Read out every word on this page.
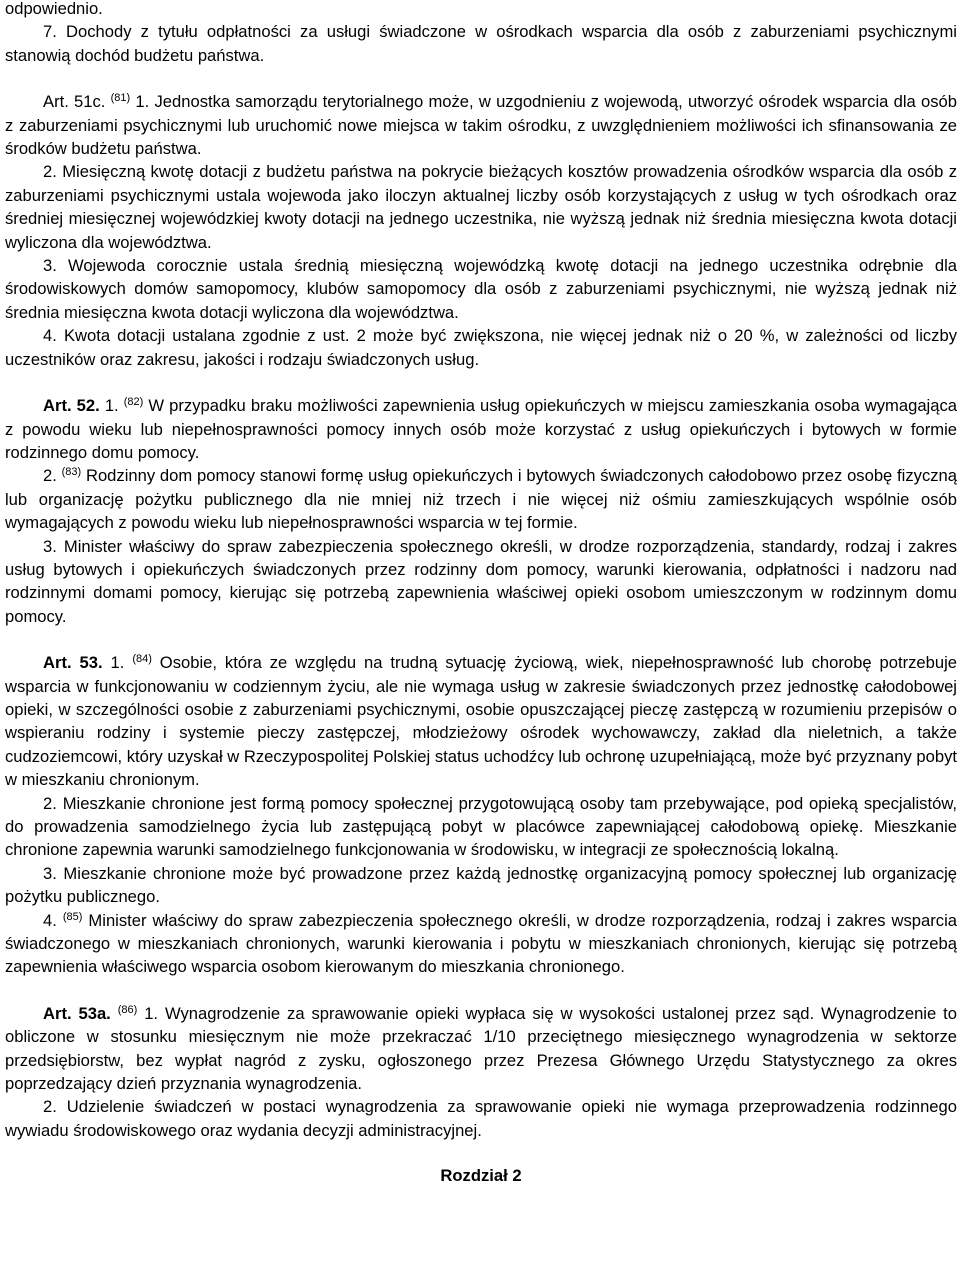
odpowiednio.

7. Dochody z tytułu odpłatności za usługi świadczone w ośrodkach wsparcia dla osób z zaburzeniami psychicznymi stanowią dochód budżetu państwa.

Art. 51c. $^{(81)}$ 1. Jednostka samorządu terytorialnego może, w uzgodnieniu z wojewodą, utworzyć ośrodek wsparcia dla osób z zaburzeniami psychicznymi lub uruchomić nowe miejsca w takim ośrodku, z uwzględnieniem możliwości ich sfinansowania ze środków budżetu państwa.

2. Miesięczną kwotę dotacji z budżetu państwa na pokrycie bieżących kosztów prowadzenia ośrodków wsparcia dla osób z zaburzeniami psychicznymi ustala wojewoda jako iloczyn aktualnej liczby osób korzystających z usług w tych ośrodkach oraz średniej miesięcznej wojewódzkiej kwoty dotacji na jednego uczestnika, nie wyższą jednak niż średnia miesięczna kwota dotacji wyliczona dla województwa.

3. Wojewoda corocznie ustala średnią miesięczną wojewódzką kwotę dotacji na jednego uczestnika odrębnie dla środowiskowych domów samopomocy, klubów samopomocy dla osób z zaburzeniami psychicznymi, nie wyższą jednak niż średnia miesięczna kwota dotacji wyliczona dla województwa.

4. Kwota dotacji ustalana zgodnie z ust. 2 może być zwiększona, nie więcej jednak niż o 20 %, w zależności od liczby uczestników oraz zakresu, jakości i rodzaju świadczonych usług.

Art. 52. 1. $^{(82)}$ W przypadku braku możliwości zapewnienia usług opiekuńczych w miejscu zamieszkania osoba wymagająca z powodu wieku lub niepełnosprawności pomocy innych osób może korzystać z usług opiekuńczych i bytowych w formie rodzinnego domu pomocy.

2. $^{(83)}$ Rodzinny dom pomocy stanowi formę usług opiekuńczych i bytowych świadczonych całodobowo przez osobę fizyczną lub organizację pożytku publicznego dla nie mniej niż trzech i nie więcej niż ośmiu zamieszkujących wspólnie osób wymagających z powodu wieku lub niepełnosprawności wsparcia w tej formie.

3. Minister właściwy do spraw zabezpieczenia społecznego określi, w drodze rozporządzenia, standardy, rodzaj i zakres usług bytowych i opiekuńczych świadczonych przez rodzinny dom pomocy, warunki kierowania, odpłatności i nadzoru nad rodzinnymi domami pomocy, kierując się potrzebą zapewnienia właściwej opieki osobom umieszczonym w rodzinnym domu pomocy.

Art. 53. 1. $^{(84)}$ Osobie, która ze względu na trudną sytuację życiową, wiek, niepełnosprawność lub chorobę potrzebuje wsparcia w funkcjonowaniu w codziennym życiu, ale nie wymaga usług w zakresie świadczonych przez jednostkę całodobowej opieki, w szczególności osobie z zaburzeniami psychicznymi, osobie opuszczającej pieczę zastępczą w rozumieniu przepisów o wspieraniu rodziny i systemie pieczy zastępczej, młodzieżowy ośrodek wychowawczy, zakład dla nieletnich, a także cudzoziemcowi, który uzyskał w Rzeczypospolitej Polskiej status uchodźcy lub ochronę uzupełniającą, może być przyznany pobyt w mieszkaniu chronionym.

2. Mieszkanie chronione jest formą pomocy społecznej przygotowującą osoby tam przebywające, pod opieką specjalistów, do prowadzenia samodzielnego życia lub zastępującą pobyt w placówce zapewniającej całodobową opiekę. Mieszkanie chronione zapewnia warunki samodzielnego funkcjonowania w środowisku, w integracji ze społecznością lokalną.

3. Mieszkanie chronione może być prowadzone przez każdą jednostkę organizacyjną pomocy społecznej lub organizację pożytku publicznego.

4. $^{(85)}$ Minister właściwy do spraw zabezpieczenia społecznego określi, w drodze rozporządzenia, rodzaj i zakres wsparcia świadczonego w mieszkaniach chronionych, warunki kierowania i pobytu w mieszkaniach chronionych, kierując się potrzebą zapewnienia właściwego wsparcia osobom kierowanym do mieszkania chronionego.

Art. 53a. $^{(86)}$ 1. Wynagrodzenie za sprawowanie opieki wypłaca się w wysokości ustalonej przez sąd. Wynagrodzenie to obliczone w stosunku miesięcznym nie może przekraczać 1/10 przeciętnego miesięcznego wynagrodzenia w sektorze przedsiębiorstw, bez wypłat nagród z zysku, ogłoszonego przez Prezesa Głównego Urzędu Statystycznego za okres poprzedzający dzień przyznania wynagrodzenia.

2. Udzielenie świadczeń w postaci wynagrodzenia za sprawowanie opieki nie wymaga przeprowadzenia rodzinnego wywiadu środowiskowego oraz wydania decyzji administracyjnej.

Rozdział 2
